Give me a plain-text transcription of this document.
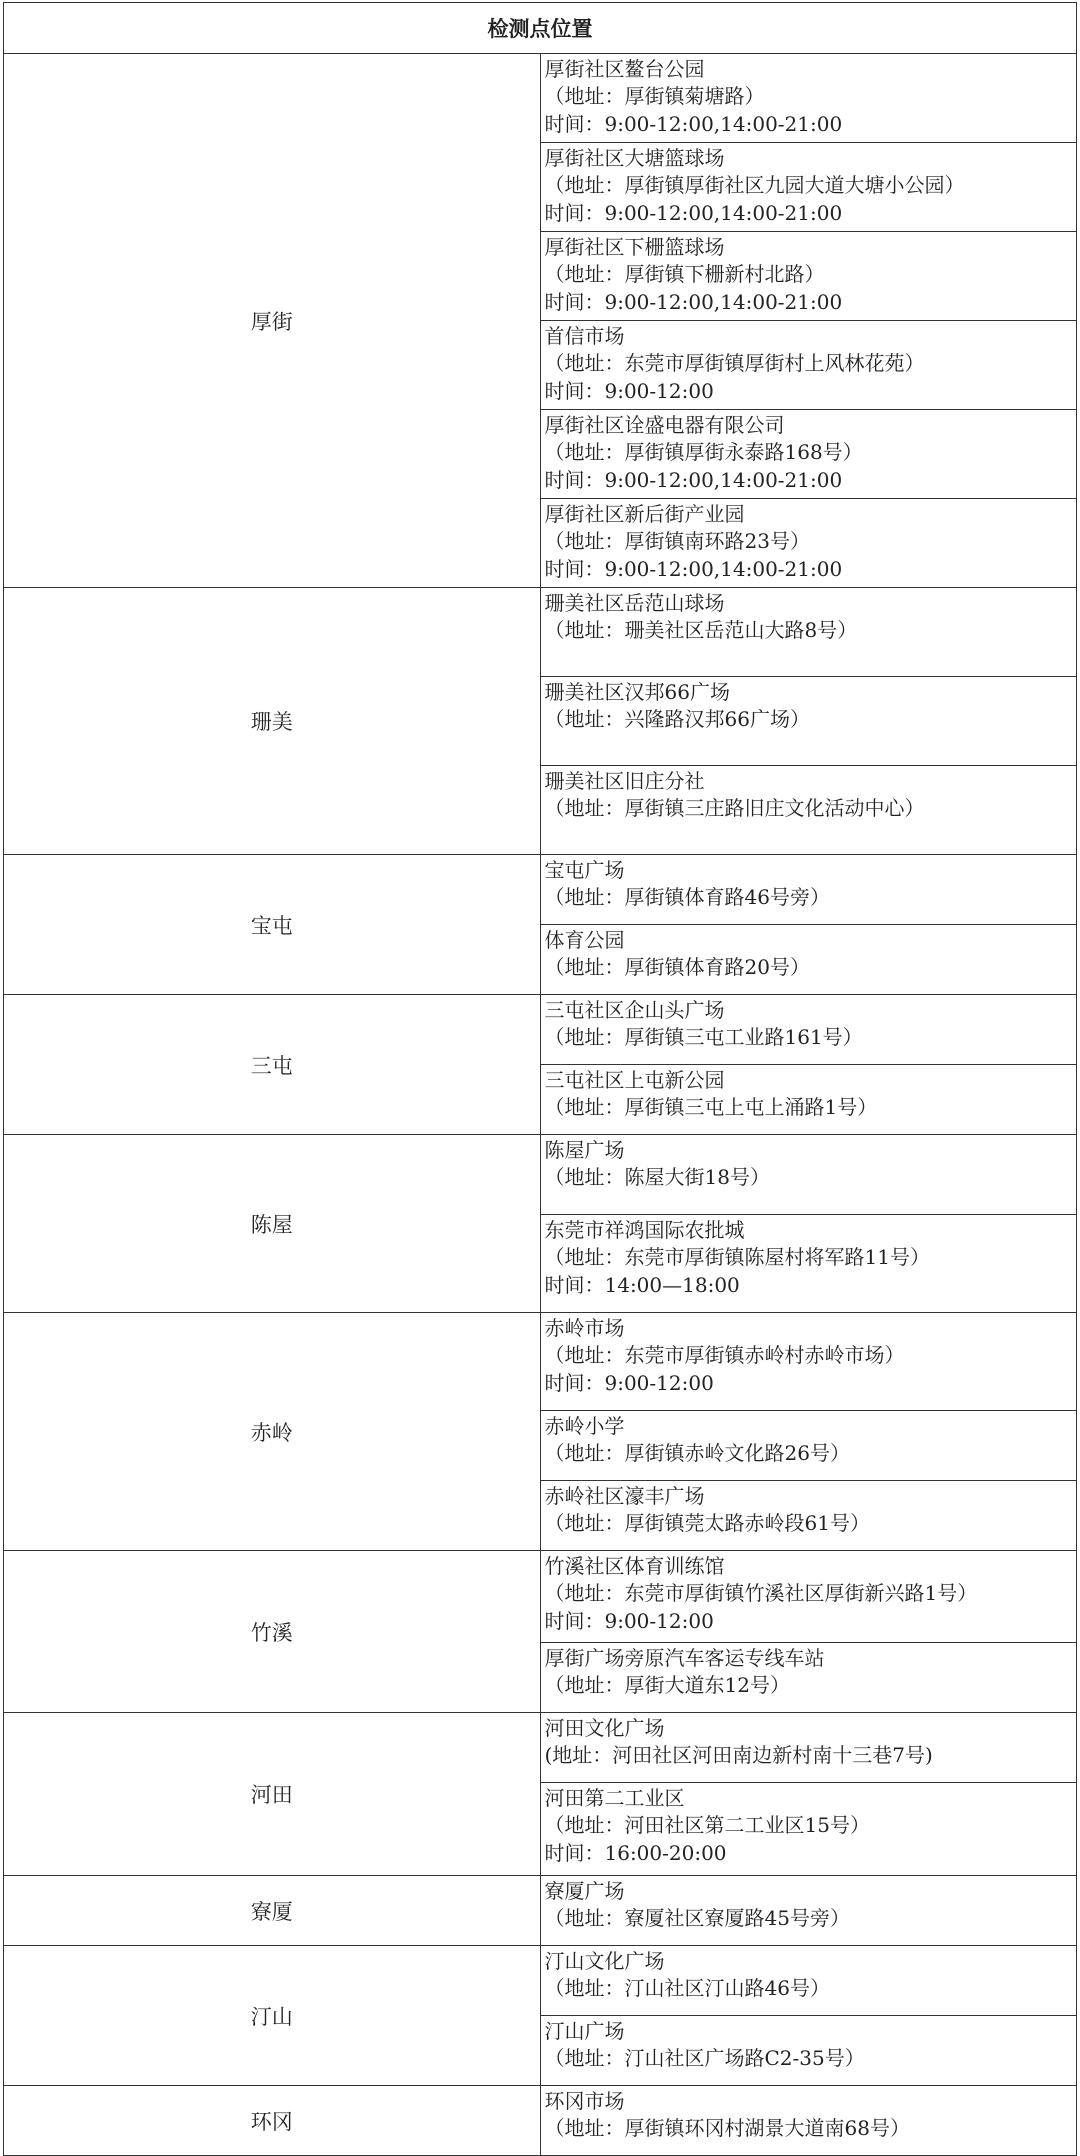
检测点位置	
厚街	厚街社区鳌台公园
（地址：厚街镇菊塘路）
时间：9:00-12:00,14:00-21:00

	厚街社区大塘篮球场
（地址：厚街镇厚街社区九园大道大塘小公园）
时间：9:00-12:00,14:00-21:00

	厚街社区下栅篮球场
（地址：厚街镇下栅新村北路）
时间：9:00-12:00,14:00-21:00

	首信市场
（地址：东莞市厚街镇厚街村上风林花苑）
时间：9:00-12:00

	厚街社区诠盛电器有限公司
（地址：厚街镇厚街永泰路168号）
时间：9:00-12:00,14:00-21:00

	厚街社区新后街产业园
（地址：厚街镇南环路23号）
时间：9:00-12:00,14:00-21:00

珊美	珊美社区岳范山球场
（地址：珊美社区岳范山大路8号）

	珊美社区汉邦66广场
（地址：兴隆路汉邦66广场）

	珊美社区旧庄分社
（地址：厚街镇三庄路旧庄文化活动中心）

宝屯	宝屯广场
（地址：厚街镇体育路46号旁）

	体育公园
（地址：厚街镇体育路20号）

三屯	三屯社区企山头广场
（地址：厚街镇三屯工业路161号）

	三屯社区上屯新公园
（地址：厚街镇三屯上屯上涌路1号）

陈屋	陈屋广场
（地址：陈屋大街18号）

	东莞市祥鸿国际农批城
（地址：东莞市厚街镇陈屋村将军路11号）
时间：14:00—18:00

赤岭	赤岭市场
（地址：东莞市厚街镇赤岭村赤岭市场）
时间：9:00-12:00

	赤岭小学
（地址：厚街镇赤岭文化路26号）

	赤岭社区濠丰广场
（地址：厚街镇莞太路赤岭段61号）

竹溪	竹溪社区体育训练馆
（地址：东莞市厚街镇竹溪社区厚街新兴路1号）
时间：9:00-12:00

	厚街广场旁原汽车客运专线车站
（地址：厚街大道东12号）

河田	河田文化广场
(地址：河田社区河田南边新村南十三巷7号)

	河田第二工业区
（地址：河田社区第二工业区15号）
时间：16:00-20:00

寮厦	寮厦广场
（地址：寮厦社区寮厦路45号旁）

汀山	汀山文化广场
（地址：汀山社区汀山路46号）

	汀山广场
（地址：汀山社区广场路C2-35号）

环冈	环冈市场
（地址：厚街镇环冈村湖景大道南68号）
